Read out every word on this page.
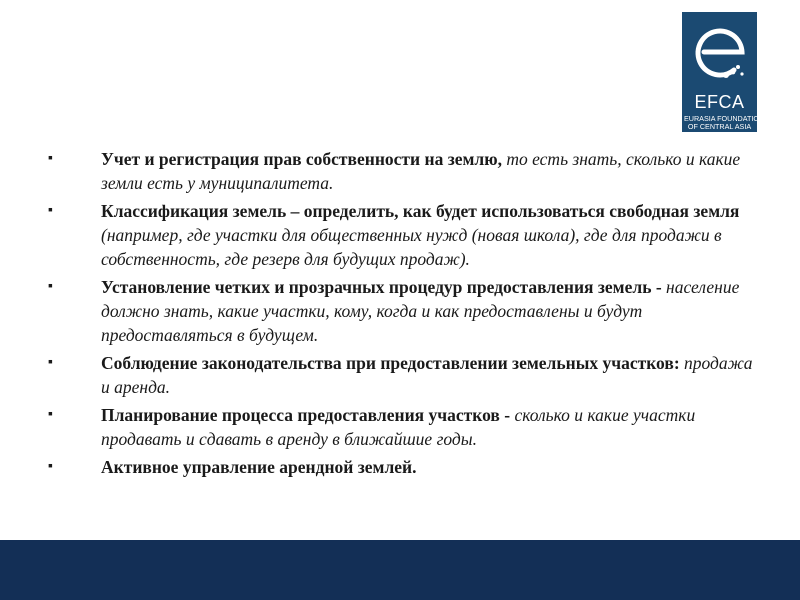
EFCA
EURASIA FOUNDATION
OF CENTRAL ASIA
▪	Учет и регистрация прав собственности на землю, то есть знать, сколько и какие земли есть у муниципалитета.
▪	Классификация земель – определить, как будет использоваться свободная земля (например, где участки для общественных нужд (новая школа), где для продажи в собственность, где резерв для будущих продаж).
▪	Установление четких и прозрачных процедур предоставления земель - население должно знать, какие участки, кому, когда и как предоставлены и будут предоставляться в будущем.
▪	Соблюдение законодательства при предоставлении земельных участков: продажа и аренда.
▪	Планирование процесса предоставления участков - сколько и какие участки продавать и сдавать в аренду в ближайшие годы.
▪	Активное управление арендной землей.
